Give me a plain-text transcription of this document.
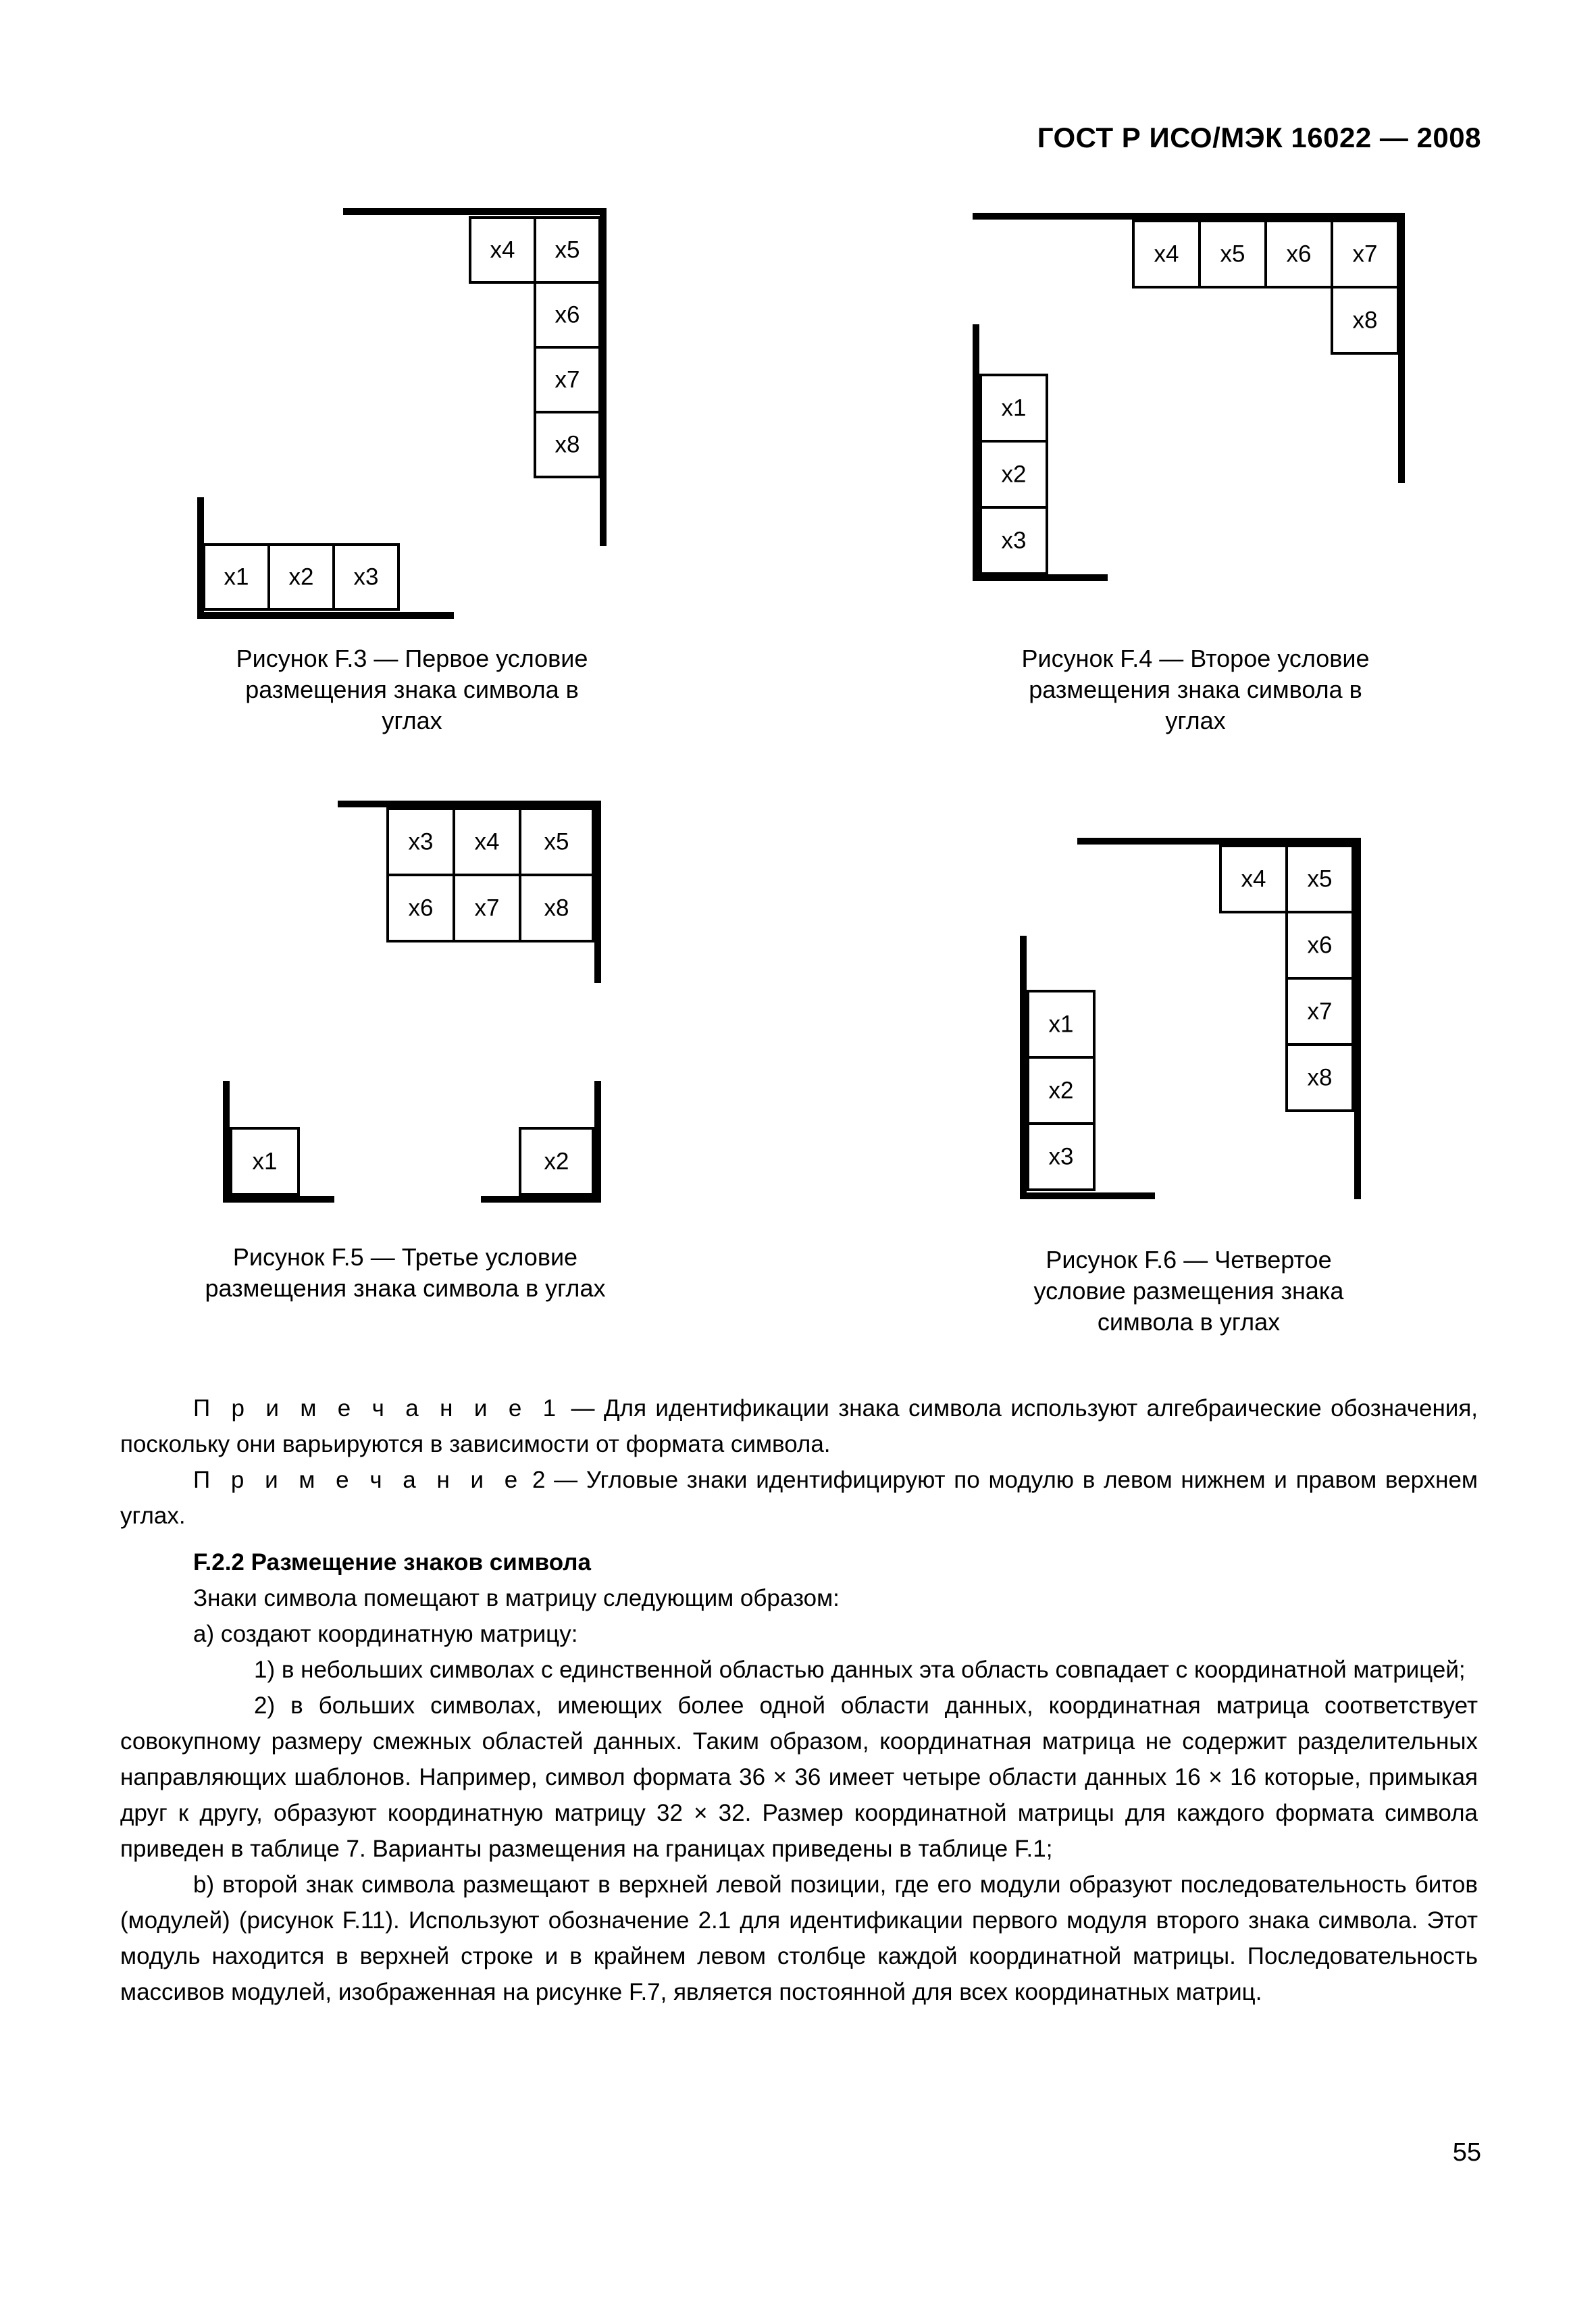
ГОСТ Р ИСО/МЭК 16022 — 2008
x4 x5
x6
x7
x8
x1 x2 x3
Рисунок F.3 — Первое условие размещения знака символа в углах
x4 x5 x6 x7
x8
x1
x2
x3
Рисунок F.4 — Второе условие размещения знака символа в углах
x3 x4 x5
x6 x7 x8
x1	x2
Рисунок F.5 — Третье условие размещения знака символа в углах
x4 x5
x6
x7
x8
x1
x2
x3
Рисунок F.6 — Четвертое условие размещения знака символа в углах

П р и м е ч а н и е 1 — Для идентификации знака символа используют алгебраические обозначения, поскольку они варьируются в зависимости от формата символа.

П р и м е ч а н и е 2 — Угловые знаки идентифицируют по модулю в левом нижнем и правом верхнем углах.

F.2.2 Размещение знаков символа

Знаки символа помещают в матрицу следующим образом:

а) создают координатную матрицу:

1) в небольших символах с единственной областью данных эта область совпадает с координатной матрицей;

2) в больших символах, имеющих более одной области данных, координатная матрица соответствует совокупному размеру смежных областей данных. Таким образом, координатная матрица не содержит разделительных направляющих шаблонов. Например, символ формата 36 × 36 имеет четыре области данных 16 × 16 которые, примыкая друг к другу, образуют координатную матрицу 32 × 32. Размер координатной матрицы для каждого формата символа приведен в таблице 7. Варианты размещения на границах приведены в таблице F.1;

b) второй знак символа размещают в верхней левой позиции, где его модули образуют последовательность битов (модулей) (рисунок F.11). Используют обозначение 2.1 для идентификации первого модуля второго знака символа. Этот модуль находится в верхней строке и в крайнем левом столбце каждой координатной матрицы. Последовательность массивов модулей, изображенная на рисунке F.7, является постоянной для всех координатных матриц.

55
